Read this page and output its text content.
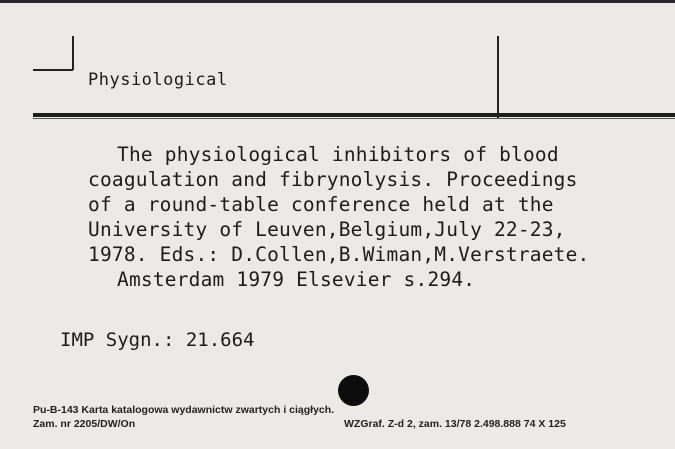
Physiological
The physiological inhibitors of blood
coagulation and fibrynolysis. Proceedings
of a round-table conference held at the
University of Leuven,Belgium,July 22-23,
1978. Eds.: D.Collen,B.Wiman,M.Verstraete.
Amsterdam 1979 Elsevier s.294.
IMP Sygn.: 21.664
Pu-B-143 Karta katalogowa wydawnictw zwartych i ciągłych.
Zam. nr 2205/DW/On	WZGraf. Z-d 2, zam. 13/78 2.498.888 74 X 125
